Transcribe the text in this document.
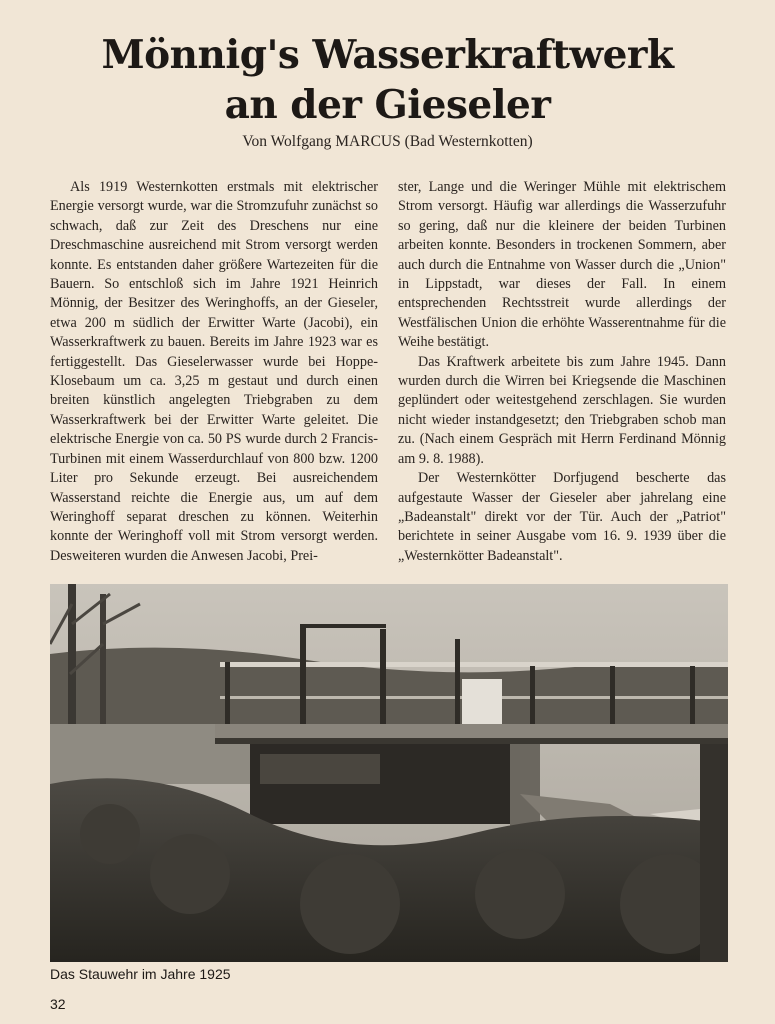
Mönnig's Wasserkraftwerk
an der Gieseler
Von Wolfgang MARCUS (Bad Westernkotten)

Als 1919 Westernkotten erstmals mit elektrischer Energie versorgt wurde, war die Stromzufuhr zunächst so schwach, daß zur Zeit des Dreschens nur eine Dreschmaschine ausreichend mit Strom versorgt werden konnte. Es entstanden daher größere Wartezeiten für die Bauern. So entschloß sich im Jahre 1921 Heinrich Mönnig, der Besitzer des Weringhoffs, an der Gieseler, etwa 200 m südlich der Erwitter Warte (Jacobi), ein Wasserkraftwerk zu bauen. Bereits im Jahre 1923 war es fertiggestellt. Das Gieselerwasser wurde bei Hoppe-Klosebaum um ca. 3,25 m gestaut und durch einen breiten künstlich angelegten Triebgraben zu dem Wasserkraftwerk bei der Erwitter Warte geleitet. Die elektrische Energie von ca. 50 PS wurde durch 2 Francis-Turbinen mit einem Wasserdurchlauf von 800 bzw. 1200 Liter pro Sekunde erzeugt. Bei ausreichendem Wasserstand reichte die Energie aus, um auf dem Weringhoff separat dreschen zu können. Weiterhin konnte der Weringhoff voll mit Strom versorgt werden. Desweiteren wurden die Anwesen Jacobi, Prei-

ster, Lange und die Weringer Mühle mit elektrischem Strom versorgt. Häufig war allerdings die Wasserzufuhr so gering, daß nur die kleinere der beiden Turbinen arbeiten konnte. Besonders in trockenen Sommern, aber auch durch die Entnahme von Wasser durch die „Union" in Lippstadt, war dieses der Fall. In einem entsprechenden Rechtsstreit wurde allerdings der Westfälischen Union die erhöhte Wasserentnahme für die Weihe bestätigt.

Das Kraftwerk arbeitete bis zum Jahre 1945. Dann wurden durch die Wirren bei Kriegsende die Maschinen geplündert oder weitestgehend zerschlagen. Sie wurden nicht wieder instandgesetzt; den Triebgraben schob man zu. (Nach einem Gespräch mit Herrn Ferdinand Mönnig am 9. 8. 1988).

Der Westernkötter Dorfjugend bescherte das aufgestaute Wasser der Gieseler aber jahrelang eine „Badeanstalt" direkt vor der Tür. Auch der „Patriot" berichtete in seiner Ausgabe vom 16. 9. 1939 über die „Westernkötter Badeanstalt".

Das Stauwehr im Jahre 1925
32
